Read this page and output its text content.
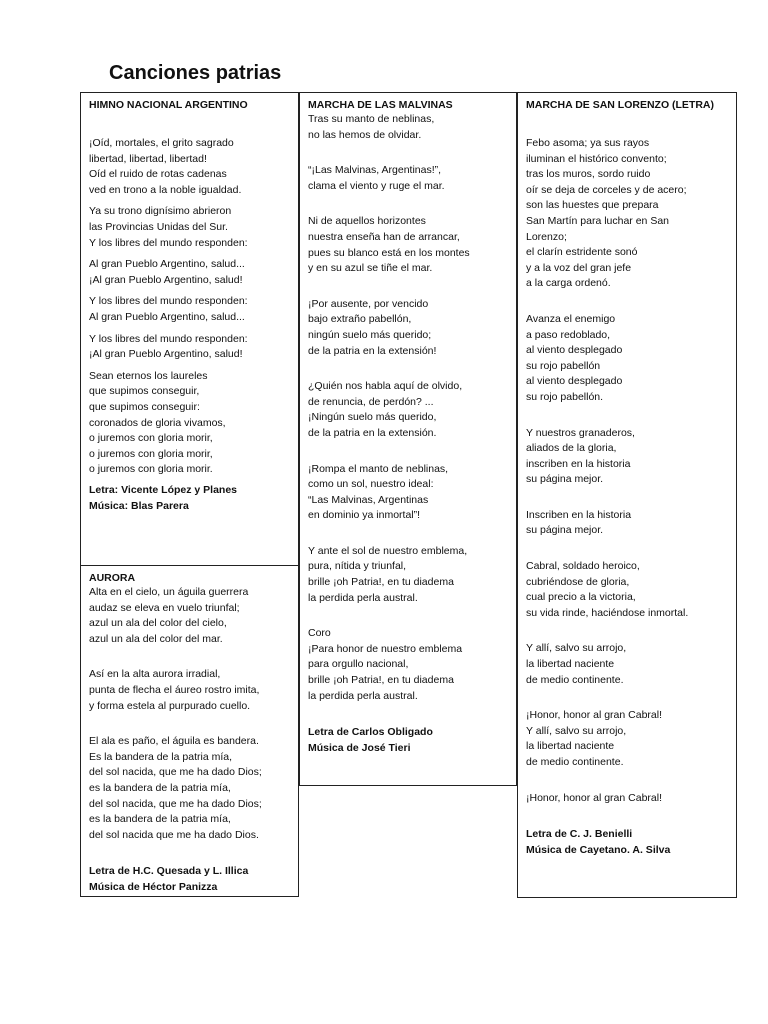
Canciones patrias
HIMNO NACIONAL ARGENTINO
¡Oíd, mortales, el grito sagrado
libertad, libertad, libertad!
Oíd el ruido de rotas cadenas
ved en trono a la noble igualdad.
Ya su trono dignísimo abrieron
las Provincias Unidas del Sur.
Y los libres del mundo responden:
Al gran Pueblo Argentino, salud...
¡Al gran Pueblo Argentino, salud!
Y los libres del mundo responden:
Al gran Pueblo Argentino, salud...
Y los libres del mundo responden:
¡Al gran Pueblo Argentino, salud!
Sean eternos los laureles
que supimos conseguir,
que supimos conseguir:
coronados de gloria vivamos,
o juremos con gloria morir,
o juremos con gloria morir,
o juremos con gloria morir.
Letra: Vicente López y Planes
Música: Blas Parera
AURORA
Alta en el cielo, un águila guerrera
audaz se eleva en vuelo triunfal;
azul un ala del color del cielo,
azul un ala del color del mar.
Así en la alta aurora irradial,
punta de flecha el áureo rostro imita,
y forma estela al purpurado cuello.
El ala es paño, el águila es bandera.
Es la bandera de la patria mía,
del sol nacida, que me ha dado Dios;
es la bandera de la patria mía,
del sol nacida, que me ha dado Dios;
es la bandera de la patria mía,
del sol nacida que me ha dado Dios.
Letra de H.C. Quesada y L. Illica
Música de Héctor Panizza
MARCHA DE LAS MALVINAS
Tras su manto de neblinas,
no las hemos de olvidar.
“¡Las Malvinas, Argentinas!”,
clama el viento y ruge el mar.
Ni de aquellos horizontes
nuestra enseña han de arrancar,
pues su blanco está en los montes
y en su azul se tiñe el mar.
¡Por ausente, por vencido
bajo extraño pabellón,
ningún suelo más querido;
de la patria en la extensión!
¿Quién nos habla aquí de olvido,
de renuncia, de perdón? ...
¡Ningún suelo más querido,
de la patria en la extensión.
¡Rompa el manto de neblinas,
como un sol, nuestro ideal:
“Las Malvinas, Argentinas
en dominio ya inmortal”!
Y ante el sol de nuestro emblema,
pura, nítida y triunfal,
brille ¡oh Patria!, en tu diadema
la perdida perla austral.
Coro
¡Para honor de nuestro emblema
para orgullo nacional,
brille ¡oh Patria!, en tu diadema
la perdida perla austral.
Letra de Carlos Obligado
Música de José Tieri
MARCHA DE SAN LORENZO (LETRA)
Febo asoma; ya sus rayos
iluminan el histórico convento;
tras los muros, sordo ruido
oír se deja de corceles y de acero;
son las huestes que prepara
San Martín para luchar en San
Lorenzo;
el clarín estridente sonó
y a la voz del gran jefe
a la carga ordenó.
Avanza el enemigo
a paso redoblado,
al viento desplegado
su rojo pabellón
al viento desplegado
su rojo pabellón.
Y nuestros granaderos,
aliados de la gloria,
inscriben en la historia
su página mejor.
Inscriben en la historia
su página mejor.
Cabral, soldado heroico,
cubriéndose de gloria,
cual precio a la victoria,
su vida rinde, haciéndose inmortal.
Y allí, salvo su arrojo,
la libertad naciente
de medio continente.
¡Honor, honor al gran Cabral!
Y allí, salvo su arrojo,
la libertad naciente
de medio continente.
¡Honor, honor al gran Cabral!
Letra de C. J. Benielli
Música de Cayetano. A. Silva
